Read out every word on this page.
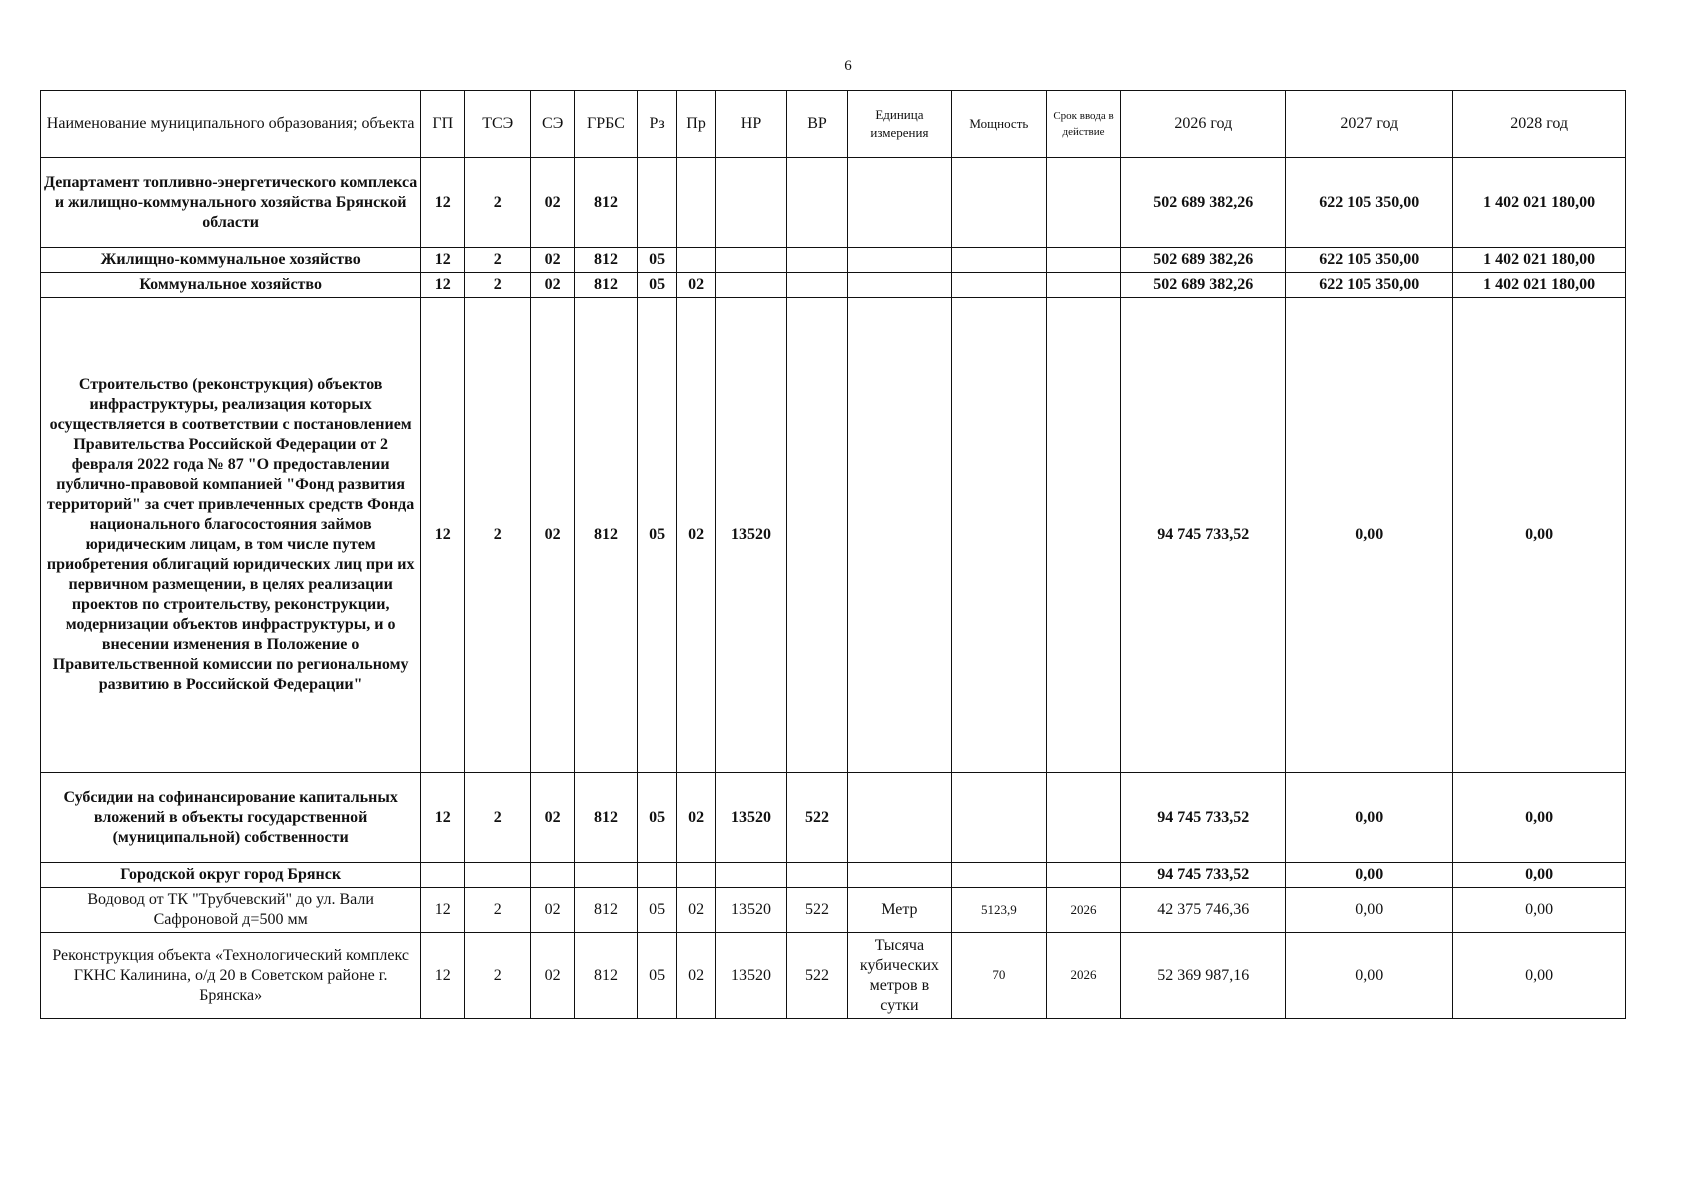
6
Наименование муниципального образования; объекта	ГП	ТСЭ	СЭ	ГРБС	Рз	Пр	НР	ВР	Единица измерения	Мощность	Срок ввода в действие	2026 год	2027 год	2028 год
Департамент топливно-энергетического комплекса и жилищно-коммунального хозяйства Брянской области	12	2	02	812								502 689 382,26	622 105 350,00	1 402 021 180,00
Жилищно-коммунальное хозяйство	12	2	02	812	05							502 689 382,26	622 105 350,00	1 402 021 180,00
Коммунальное хозяйство	12	2	02	812	05	02						502 689 382,26	622 105 350,00	1 402 021 180,00
Строительство (реконструкция) объектов инфраструктуры, реализация которых осуществляется в соответствии с постановлением Правительства Российской Федерации от 2 февраля 2022 года № 87 "О предоставлении публично-правовой компанией "Фонд развития территорий" за счет привлеченных средств Фонда национального благосостояния займов юридическим лицам, в том числе путем приобретения облигаций юридических лиц при их первичном размещении, в целях реализации проектов по строительству, реконструкции, модернизации объектов инфраструктуры, и о внесении изменения в Положение о Правительственной комиссии по региональному развитию в Российской Федерации"	12	2	02	812	05	02	13520					94 745 733,52	0,00	0,00
Субсидии на софинансирование капитальных вложений в объекты государственной (муниципальной) собственности	12	2	02	812	05	02	13520	522				94 745 733,52	0,00	0,00
Городской округ город Брянск												94 745 733,52	0,00	0,00
Водовод от ТК "Трубчевский" до ул. Вали Сафроновой д=500 мм	12	2	02	812	05	02	13520	522	Метр	5123,9	2026	42 375 746,36	0,00	0,00
Реконструкция объекта «Технологический комплекс ГКНС Калинина, о/д 20 в Советском районе г. Брянска»	12	2	02	812	05	02	13520	522	Тысяча кубических метров в сутки	70	2026	52 369 987,16	0,00	0,00
